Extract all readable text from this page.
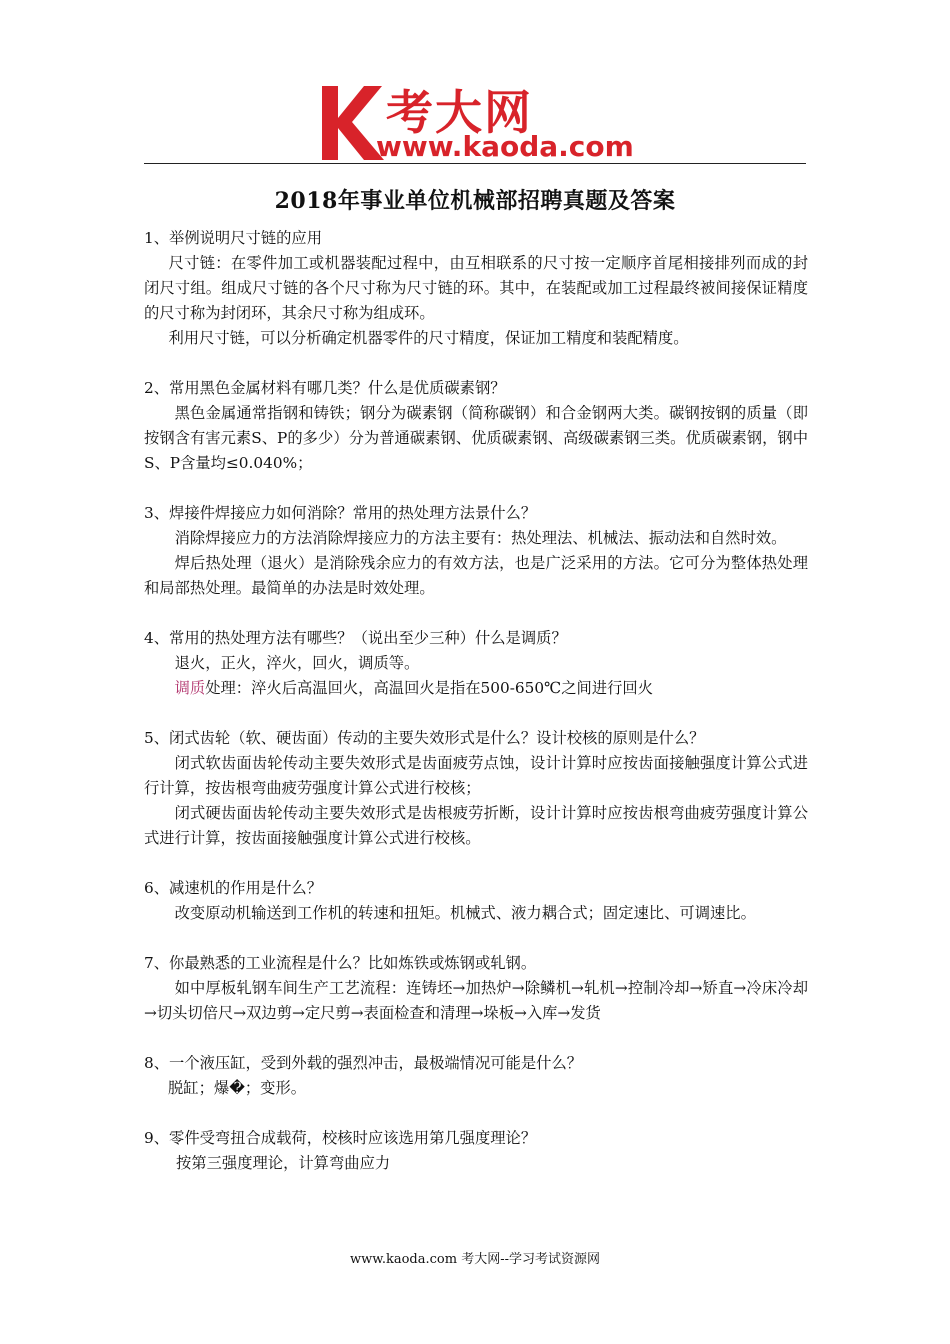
考大网
www.kaoda.com
2018年事业单位机械部招聘真题及答案

1、举例说明尺寸链的应用

尺寸链：在零件加工或机器装配过程中，由互相联系的尺寸按一定顺序首尾相接排列而成的封闭尺寸组。组成尺寸链的各个尺寸称为尺寸链的环。其中，在装配或加工过程最终被间接保证精度的尺寸称为封闭环，其余尺寸称为组成环。

利用尺寸链，可以分析确定机器零件的尺寸精度，保证加工精度和装配精度。

2、常用黑色金属材料有哪几类？什么是优质碳素钢？

黑色金属通常指钢和铸铁；钢分为碳素钢（简称碳钢）和合金钢两大类。碳钢按钢的质量（即按钢含有害元素S、P的多少）分为普通碳素钢、优质碳素钢、高级碳素钢三类。优质碳素钢，钢中S、P含量均≤0.040%；

3、焊接件焊接应力如何消除？常用的热处理方法景什么？

消除焊接应力的方法消除焊接应力的方法主要有：热处理法、机械法、振动法和自然时效。

焊后热处理（退火）是消除残余应力的有效方法，也是广泛采用的方法。它可分为整体热处理和局部热处理。最简单的办法是时效处理。

4、常用的热处理方法有哪些？（说出至少三种）什么是调质？

退火，正火，淬火，回火，调质等。

调质处理：淬火后高温回火，高温回火是指在500-650℃之间进行回火

5、闭式齿轮（软、硬齿面）传动的主要失效形式是什么？设计校核的原则是什么？

闭式软齿面齿轮传动主要失效形式是齿面疲劳点蚀，设计计算时应按齿面接触强度计算公式进行计算，按齿根弯曲疲劳强度计算公式进行校核；

闭式硬齿面齿轮传动主要失效形式是齿根疲劳折断，设计计算时应按齿根弯曲疲劳强度计算公式进行计算，按齿面接触强度计算公式进行校核。

6、减速机的作用是什么？

改变原动机输送到工作机的转速和扭矩。机械式、液力耦合式；固定速比、可调速比。

7、你最熟悉的工业流程是什么？比如炼铁或炼钢或轧钢。

如中厚板轧钢车间生产工艺流程：连铸坯→加热炉→除鳞机→轧机→控制冷却→矫直→冷床冷却→切头切倍尺→双边剪→定尺剪→表面检查和清理→垛板→入库→发货

8、一个液压缸，受到外载的强烈冲击，最极端情况可能是什么？

脱缸；爆�；变形。

9、零件受弯扭合成载荷，校核时应该选用第几强度理论？

按第三强度理论，计算弯曲应力

www.kaoda.com 考大网--学习考试资源网
